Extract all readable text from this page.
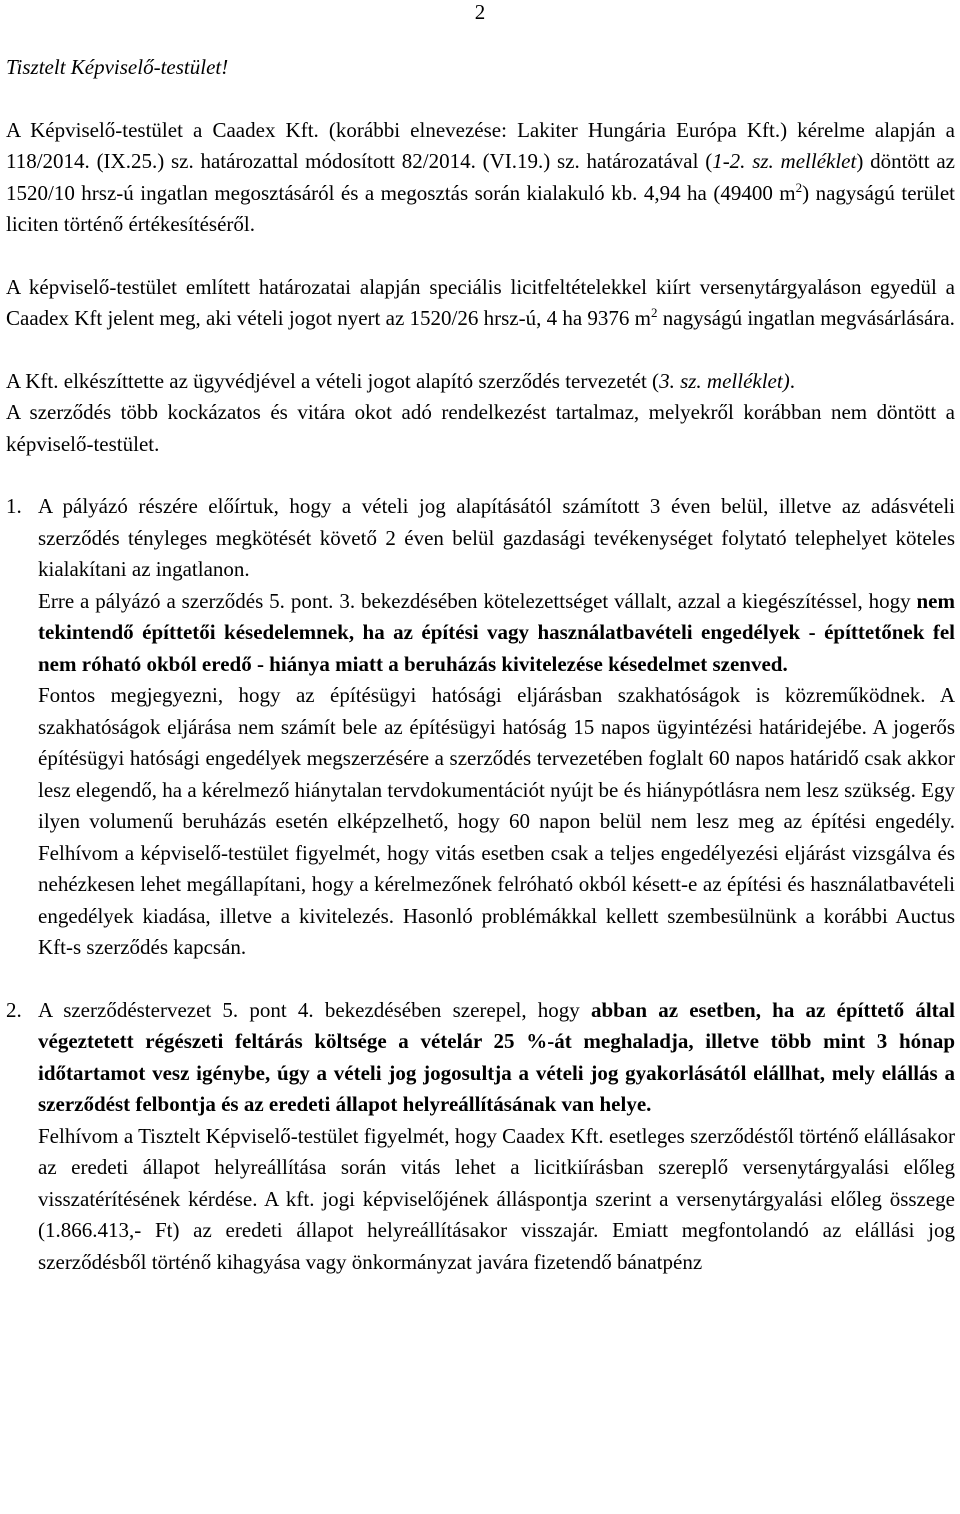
2

Tisztelt Képviselő-testület!

A Képviselő-testület a Caadex Kft. (korábbi elnevezése: Lakiter Hungária Európa Kft.) kérelme alapján a 118/2014. (IX.25.) sz. határozattal módosított 82/2014. (VI.19.) sz. határozatával (1-2. sz. melléklet) döntött az 1520/10 hrsz-ú ingatlan megosztásáról és a megosztás során kialakuló kb. 4,94 ha (49400 $m^2$) nagyságú terület liciten történő értékesítéséről.

A képviselő-testület említett határozatai alapján speciális licitfeltételekkel kiírt versenytárgyaláson egyedül a Caadex Kft jelent meg, aki vételi jogot nyert az 1520/26 hrsz-ú, 4 ha 9376 $m^2$ nagyságú ingatlan megvásárlására.

A Kft. elkészíttette az ügyvédjével a vételi jogot alapító szerződés tervezetét (3. sz. melléklet).

A szerződés több kockázatos és vitára okot adó rendelkezést tartalmaz, melyekről korábban nem döntött a képviselő-testület.

1. A pályázó részére előírtuk, hogy a vételi jog alapításától számított 3 éven belül, illetve az adásvételi szerződés tényleges megkötését követő 2 éven belül gazdasági tevékenységet folytató telephelyet köteles kialakítani az ingatlanon.

Erre a pályázó a szerződés 5. pont. 3. bekezdésében kötelezettséget vállalt, azzal a kiegészítéssel, hogy nem tekintendő építtetői késedelemnek, ha az építési vagy használatbavételi engedélyek - építtetőnek fel nem róható okból eredő - hiánya miatt a beruházás kivitelezése késedelmet szenved.

Fontos megjegyezni, hogy az építésügyi hatósági eljárásban szakhatóságok is közreműködnek. A szakhatóságok eljárása nem számít bele az építésügyi hatóság 15 napos ügyintézési határidejébe. A jogerős építésügyi hatósági engedélyek megszerzésére a szerződés tervezetében foglalt 60 napos határidő csak akkor lesz elegendő, ha a kérelmező hiánytalan tervdokumentációt nyújt be és hiánypótlásra nem lesz szükség. Egy ilyen volumenű beruházás esetén elképzelhető, hogy 60 napon belül nem lesz meg az építési engedély. Felhívom a képviselő-testület figyelmét, hogy vitás esetben csak a teljes engedélyezési eljárást vizsgálva és nehézkesen lehet megállapítani, hogy a kérelmezőnek felróható okból késett-e az építési és használatbavételi engedélyek kiadása, illetve a kivitelezés. Hasonló problémákkal kellett szembesülnünk a korábbi Auctus Kft-s szerződés kapcsán.

2. A szerződéstervezet 5. pont 4. bekezdésében szerepel, hogy abban az esetben, ha az építtető által végeztetett régészeti feltárás költsége a vételár 25 %-át meghaladja, illetve több mint 3 hónap időtartamot vesz igénybe, úgy a vételi jog jogosultja a vételi jog gyakorlásától elállhat, mely elállás a szerződést felbontja és az eredeti állapot helyreállításának van helye.

Felhívom a Tisztelt Képviselő-testület figyelmét, hogy Caadex Kft. esetleges szerződéstől történő elállásakor az eredeti állapot helyreállítása során vitás lehet a licitkiírásban szereplő versenytárgyalási előleg visszatérítésének kérdése. A kft. jogi képviselőjének álláspontja szerint a versenytárgyalási előleg összege (1.866.413,- Ft) az eredeti állapot helyreállításakor visszajár. Emiatt megfontolandó az elállási jog szerződésből történő kihagyása vagy önkormányzat javára fizetendő bánatpénz
